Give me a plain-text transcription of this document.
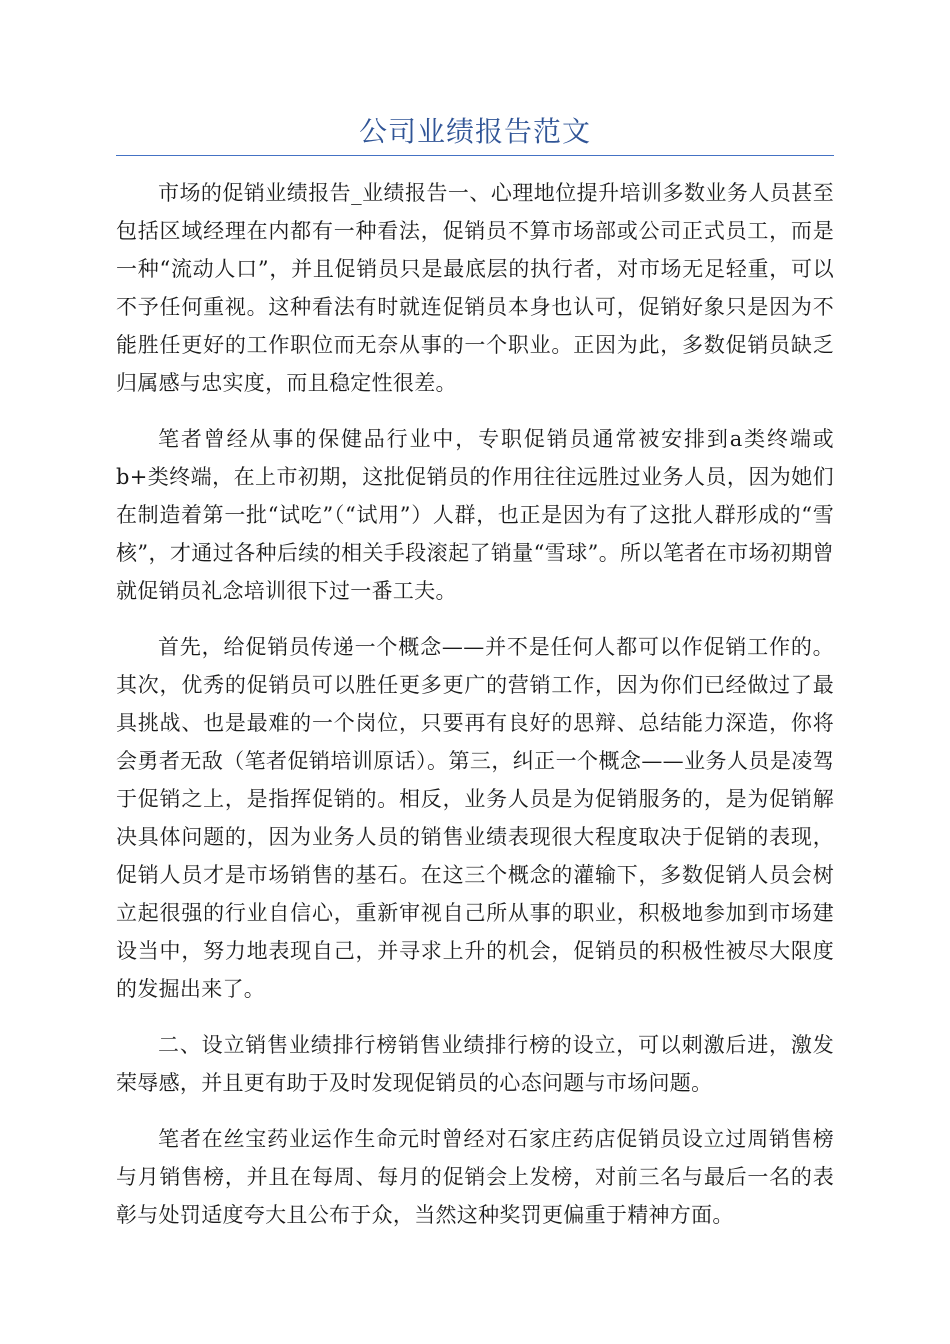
公司业绩报告范文

市场的促销业绩报告_业绩报告一、心理地位提升培训多数业务人员甚至包括区域经理在内都有一种看法，促销员不算市场部或公司正式员工，而是一种“流动人口”，并且促销员只是最底层的执行者，对市场无足轻重，可以不予任何重视。这种看法有时就连促销员本身也认可，促销好象只是因为不能胜任更好的工作职位而无奈从事的一个职业。正因为此，多数促销员缺乏归属感与忠实度，而且稳定性很差。

笔者曾经从事的保健品行业中，专职促销员通常被安排到a类终端或b+类终端，在上市初期，这批促销员的作用往往远胜过业务人员，因为她们在制造着第一批“试吃”（“试用”）人群，也正是因为有了这批人群形成的“雪核”，才通过各种后续的相关手段滚起了销量“雪球”。所以笔者在市场初期曾就促销员礼念培训很下过一番工夫。

首先，给促销员传递一个概念——并不是任何人都可以作促销工作的。其次，优秀的促销员可以胜任更多更广的营销工作，因为你们已经做过了最具挑战、也是最难的一个岗位，只要再有良好的思辩、总结能力深造，你将会勇者无敌（笔者促销培训原话）。第三，纠正一个概念——业务人员是凌驾于促销之上，是指挥促销的。相反，业务人员是为促销服务的，是为促销解决具体问题的，因为业务人员的销售业绩表现很大程度取决于促销的表现，促销人员才是市场销售的基石。在这三个概念的灌输下，多数促销人员会树立起很强的行业自信心，重新审视自己所从事的职业，积极地参加到市场建设当中，努力地表现自己，并寻求上升的机会，促销员的积极性被尽大限度的发掘出来了。

二、设立销售业绩排行榜销售业绩排行榜的设立，可以刺激后进，激发荣辱感，并且更有助于及时发现促销员的心态问题与市场问题。

笔者在丝宝药业运作生命元时曾经对石家庄药店促销员设立过周销售榜与月销售榜，并且在每周、每月的促销会上发榜，对前三名与最后一名的表彰与处罚适度夸大且公布于众，当然这种奖罚更偏重于精神方面。
